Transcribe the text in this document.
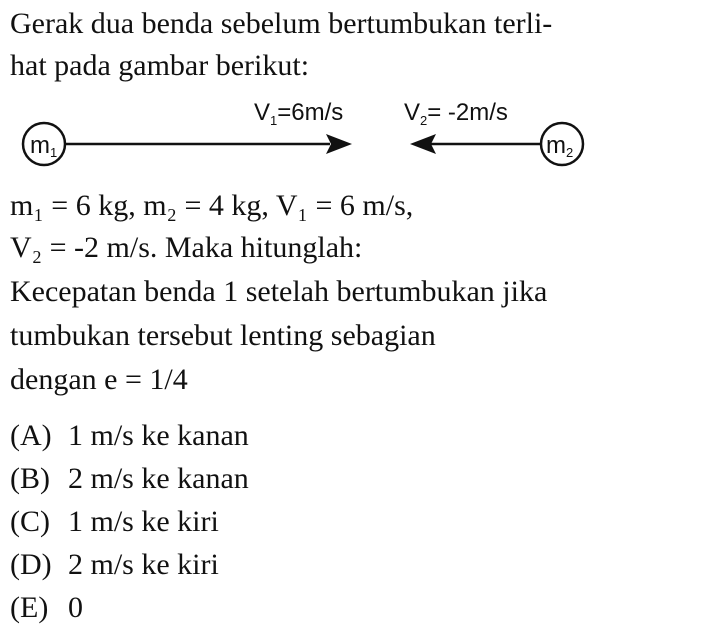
Gerak dua benda sebelum bertumbukan terli-
hat pada gambar berikut:
m1
$V_1=6m/s$	$V_2= -2m/s$
m2
m₁ = 6 kg, m₂ = 4 kg, V₁ = 6 m/s,
V₂ = -2 m/s. Maka hitunglah:
Kecepatan benda 1 setelah bertumbukan jika
tumbukan tersebut lenting sebagian
dengan e = 1/4
(A) 1 m/s ke kanan
(B) 2 m/s ke kanan
(C) 1 m/s ke kiri
(D) 2 m/s ke kiri
(E) 0
